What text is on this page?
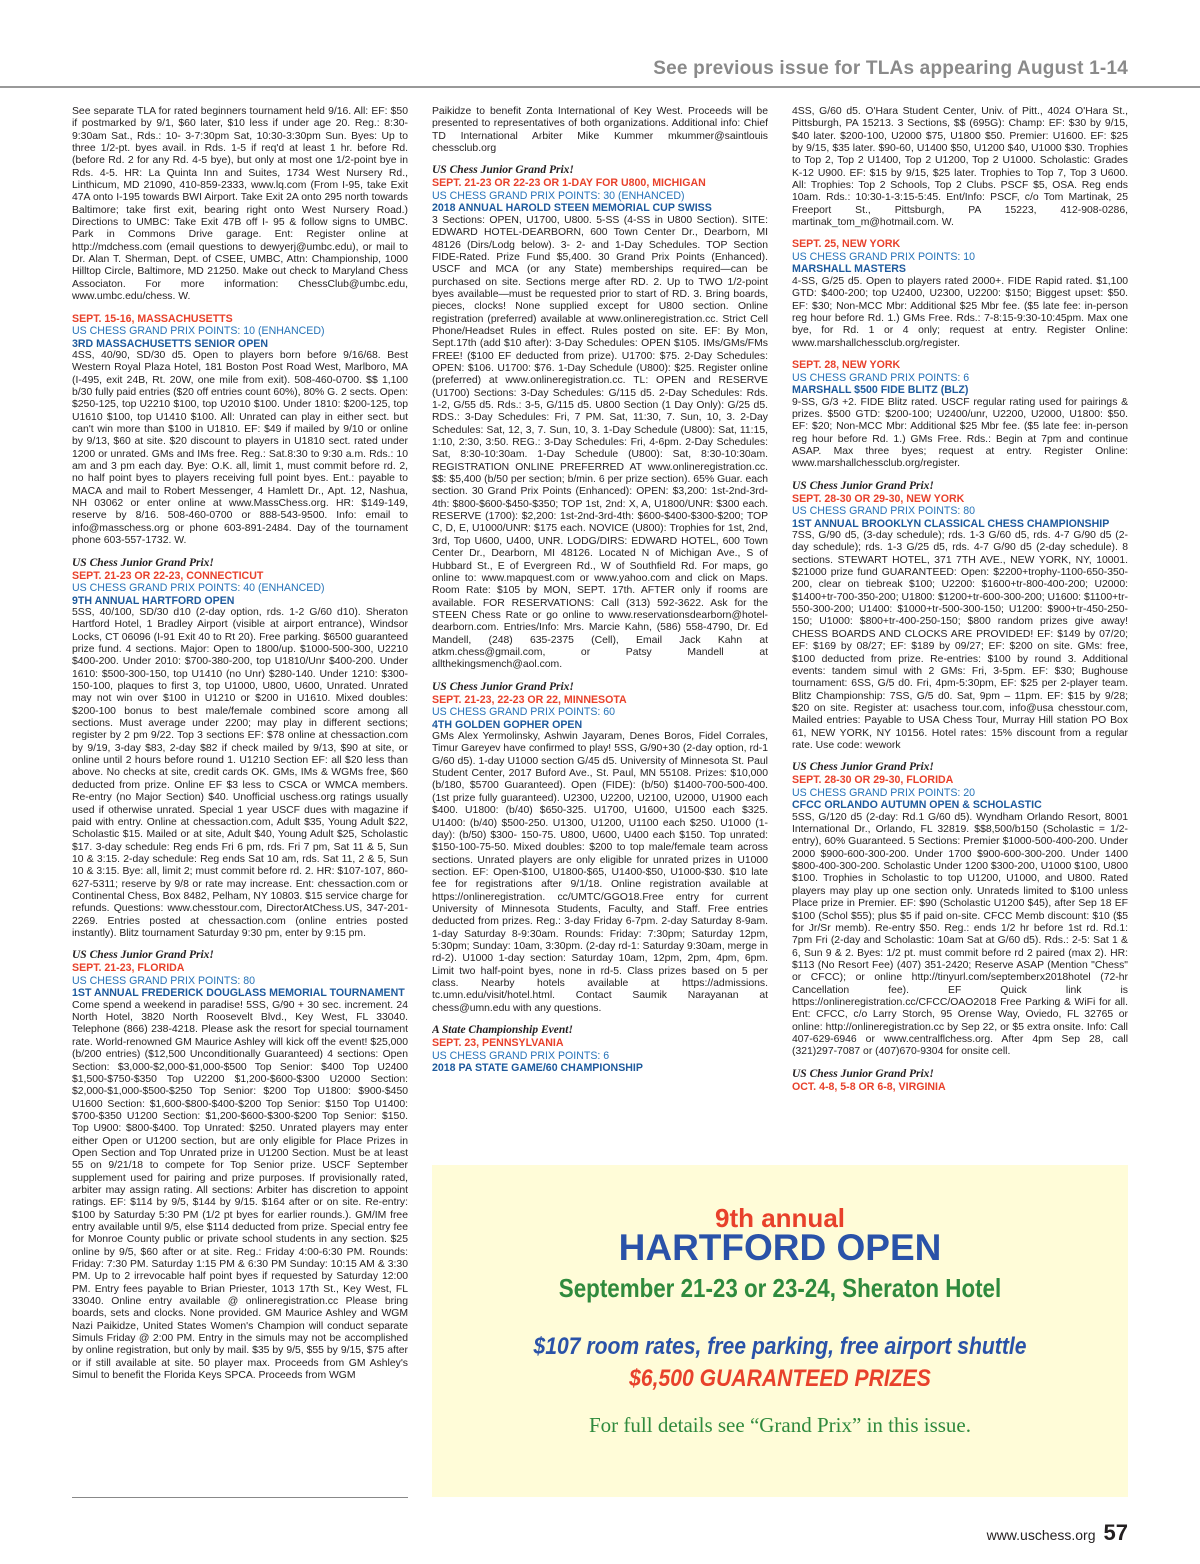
See previous issue for TLAs appearing August 1-14

See separate TLA for rated beginners tournament held 9/16. All: EF: $50 if postmarked by 9/1, $60 later, $10 less if under age 20. Reg.: 8:30-9:30am Sat., Rds.: 10- 3-7:30pm Sat, 10:30-3:30pm Sun. Byes: Up to three 1/2-pt. byes avail. in Rds. 1-5 if req'd at least 1 hr. before Rd. (before Rd. 2 for any Rd. 4-5 bye), but only at most one 1/2-point bye in Rds. 4-5. HR: La Quinta Inn and Suites, 1734 West Nursery Rd., Linthicum, MD 21090, 410-859-2333, www.lq.com (From I-95, take Exit 47A onto I-195 towards BWI Airport. Take Exit 2A onto 295 north towards Baltimore; take first exit, bearing right onto West Nursery Road.) Directions to UMBC: Take Exit 47B off I- 95 & follow signs to UMBC. Park in Commons Drive garage. Ent: Register online at http://mdchess.com (email questions to dewyerj@umbc.edu), or mail to Dr. Alan T. Sherman, Dept. of CSEE, UMBC, Attn: Championship, 1000 Hilltop Circle, Baltimore, MD 21250. Make out check to Maryland Chess Associaton. For more information: ChessClub@umbc.edu, www.umbc.edu/chess. W.

SEPT. 15-16, MASSACHUSETTS

US CHESS GRAND PRIX POINTS: 10 (ENHANCED)

3RD MASSACHUSETTS SENIOR OPEN

4SS, 40/90, SD/30 d5. Open to players born before 9/16/68. Best Western Royal Plaza Hotel, 181 Boston Post Road West, Marlboro, MA (I-495, exit 24B, Rt. 20W, one mile from exit). 508-460-0700. $$ 1,100 b/30 fully paid entries ($20 off entries count 60%), 80% G. 2 sects. Open: $250-125, top U2210 $100, top U2010 $100. Under 1810: $200-125, top U1610 $100, top U1410 $100. All: Unrated can play in either sect. but can't win more than $100 in U1810. EF: $49 if mailed by 9/10 or online by 9/13, $60 at site. $20 discount to players in U1810 sect. rated under 1200 or unrated. GMs and IMs free. Reg.: Sat.8:30 to 9:30 a.m. Rds.: 10 am and 3 pm each day. Bye: O.K. all, limit 1, must commit before rd. 2, no half point byes to players receiving full point byes. Ent.: payable to MACA and mail to Robert Messenger, 4 Hamlett Dr., Apt. 12, Nashua, NH 03062 or enter online at www.MassChess.org. HR: $149-149, reserve by 8/16. 508-460-0700 or 888-543-9500. Info: email to info@masschess.org or phone 603-891-2484. Day of the tournament phone 603-557-1732. W.

US Chess Junior Grand Prix!

SEPT. 21-23 OR 22-23, CONNECTICUT

US CHESS GRAND PRIX POINTS: 40 (ENHANCED)

9TH ANNUAL HARTFORD OPEN

5SS, 40/100, SD/30 d10 (2-day option, rds. 1-2 G/60 d10). Sheraton Hartford Hotel, 1 Bradley Airport (visible at airport entrance), Windsor Locks, CT 06096 (I-91 Exit 40 to Rt 20). Free parking. $6500 guaranteed prize fund. 4 sections. Major: Open to 1800/up. $1000-500-300, U2210 $400-200. Under 2010: $700-380-200, top U1810/Unr $400-200. Under 1610: $500-300-150, top U1410 (no Unr) $280-140. Under 1210: $300-150-100, plaques to first 3, top U1000, U800, U600, Unrated. Unrated may not win over $100 in U1210 or $200 in U1610. Mixed doubles: $200-100 bonus to best male/female combined score among all sections. Must average under 2200; may play in different sections; register by 2 pm 9/22. Top 3 sections EF: $78 online at chessaction.com by 9/19, 3-day $83, 2-day $82 if check mailed by 9/13, $90 at site, or online until 2 hours before round 1. U1210 Section EF: all $20 less than above. No checks at site, credit cards OK. GMs, IMs & WGMs free, $60 deducted from prize. Online EF $3 less to CSCA or WMCA members. Re-entry (no Major Section) $40. Unofficial uschess.org ratings usually used if otherwise unrated. Special 1 year USCF dues with magazine if paid with entry. Online at chessaction.com, Adult $35, Young Adult $22, Scholastic $15. Mailed or at site, Adult $40, Young Adult $25, Scholastic $17. 3-day schedule: Reg ends Fri 6 pm, rds. Fri 7 pm, Sat 11 & 5, Sun 10 & 3:15. 2-day schedule: Reg ends Sat 10 am, rds. Sat 11, 2 & 5, Sun 10 & 3:15. Bye: all, limit 2; must commit before rd. 2. HR: $107-107, 860-627-5311; reserve by 9/8 or rate may increase. Ent: chessaction.com or Continental Chess, Box 8482, Pelham, NY 10803. $15 service charge for refunds. Questions: www.chesstour.com, DirectorAtChess.US, 347-201-2269. Entries posted at chessaction.com (online entries posted instantly). Blitz tournament Saturday 9:30 pm, enter by 9:15 pm.

US Chess Junior Grand Prix!

SEPT. 21-23, FLORIDA

US CHESS GRAND PRIX POINTS: 80

1ST ANNUAL FREDERICK DOUGLASS MEMORIAL TOURNAMENT

Come spend a weekend in paradise! 5SS, G/90 + 30 sec. increment. 24 North Hotel, 3820 North Roosevelt Blvd., Key West, FL 33040. Telephone (866) 238-4218. Please ask the resort for special tournament rate. World-renowned GM Maurice Ashley will kick off the event! $25,000 (b/200 entries) ($12,500 Unconditionally Guaranteed) 4 sections: Open Section: $3,000-$2,000-$1,000-$500 Top Senior: $400 Top U2400 $1,500-$750-$350 Top U2200 $1,200-$600-$300 U2000 Section: $2,000-$1,000-$500-$250 Top Senior: $200 Top U1800: $900-$450 U1600 Section: $1,600-$800-$400-$200 Top Senior: $150 Top U1400: $700-$350 U1200 Section: $1,200-$600-$300-$200 Top Senior: $150. Top U900: $800-$400. Top Unrated: $250. Unrated players may enter either Open or U1200 section, but are only eligible for Place Prizes in Open Section and Top Unrated prize in U1200 Section. Must be at least 55 on 9/21/18 to compete for Top Senior prize. USCF September supplement used for pairing and prize purposes. If provisionally rated, arbiter may assign rating. All sections: Arbiter has discretion to appoint ratings. EF: $114 by 9/5, $144 by 9/15. $164 after or on site. Re-entry: $100 by Saturday 5:30 PM (1/2 pt byes for earlier rounds.). GM/IM free entry available until 9/5, else $114 deducted from prize. Special entry fee for Monroe County public or private school students in any section. $25 online by 9/5, $60 after or at site. Reg.: Friday 4:00-6:30 PM. Rounds: Friday: 7:30 PM. Saturday 1:15 PM & 6:30 PM Sunday: 10:15 AM & 3:30 PM. Up to 2 irrevocable half point byes if requested by Saturday 12:00 PM. Entry fees payable to Brian Priester, 1013 17th St., Key West, FL 33040. Online entry available @ onlineregistration.cc Please bring boards, sets and clocks. None provided. GM Maurice Ashley and WGM Nazi Paikidze, United States Women's Champion will conduct separate Simuls Friday @ 2:00 PM. Entry in the simuls may not be accomplished by online registration, but only by mail. $35 by 9/5, $55 by 9/15, $75 after or if still available at site. 50 player max. Proceeds from GM Ashley's Simul to benefit the Florida Keys SPCA. Proceeds from WGM

Paikidze to benefit Zonta International of Key West. Proceeds will be presented to representatives of both organizations. Additional info: Chief TD International Arbiter Mike Kummer mkummer@saintlouis chessclub.org

US Chess Junior Grand Prix!

SEPT. 21-23 OR 22-23 OR 1-DAY FOR U800, MICHIGAN

US CHESS GRAND PRIX POINTS: 30 (ENHANCED)

2018 ANNUAL HAROLD STEEN MEMORIAL CUP SWISS

3 Sections: OPEN, U1700, U800. 5-SS (4-SS in U800 Section). SITE: EDWARD HOTEL-DEARBORN, 600 Town Center Dr., Dearborn, MI 48126 (Dirs/Lodg below). 3- 2- and 1-Day Schedules. TOP Section FIDE-Rated. Prize Fund $5,400. 30 Grand Prix Points (Enhanced). USCF and MCA (or any State) memberships required—can be purchased on site. Sections merge after RD. 2. Up to TWO 1/2-point byes available—must be requested prior to start of RD. 3. Bring boards, pieces, clocks! None supplied except for U800 section. Online registration (preferred) available at www.onlineregistration.cc. Strict Cell Phone/Headset Rules in effect. Rules posted on site. EF: By Mon, Sept.17th (add $10 after): 3-Day Schedules: OPEN $105. IMs/GMs/FMs FREE! ($100 EF deducted from prize). U1700: $75. 2-Day Schedules: OPEN: $106. U1700: $76. 1-Day Schedule (U800): $25. Register online (preferred) at www.onlineregistration.cc. TL: OPEN and RESERVE (U1700) Sections: 3-Day Schedules: G/115 d5. 2-Day Schedules: Rds. 1-2, G/55 d5. Rds.: 3-5, G/115 d5. U800 Section (1 Day Only): G/25 d5. RDS.: 3-Day Schedules: Fri, 7 PM. Sat, 11:30, 7. Sun, 10, 3. 2-Day Schedules: Sat, 12, 3, 7. Sun, 10, 3. 1-Day Schedule (U800): Sat, 11:15, 1:10, 2:30, 3:50. REG.: 3-Day Schedules: Fri, 4-6pm. 2-Day Schedules: Sat, 8:30-10:30am. 1-Day Schedule (U800): Sat, 8:30-10:30am. REGISTRATION ONLINE PREFERRED AT www.onlineregistration.cc. $$: $5,400 (b/50 per section; b/min. 6 per prize section). 65% Guar. each section. 30 Grand Prix Points (Enhanced): OPEN: $3,200: 1st-2nd-3rd-4th: $800-$600-$450-$350; TOP 1st, 2nd: X, A, U1800/UNR: $300 each. RESERVE (1700): $2,200: 1st-2nd-3rd-4th: $600-$400-$300-$200; TOP C, D, E, U1000/UNR: $175 each. NOVICE (U800): Trophies for 1st, 2nd, 3rd, Top U600, U400, UNR. LODG/DIRS: EDWARD HOTEL, 600 Town Center Dr., Dearborn, MI 48126. Located N of Michigan Ave., S of Hubbard St., E of Evergreen Rd., W of Southfield Rd. For maps, go online to: www.mapquest.com or www.yahoo.com and click on Maps. Room Rate: $105 by MON, SEPT. 17th. AFTER only if rooms are available. FOR RESERVATIONS: Call (313) 592-3622. Ask for the STEEN Chess Rate or go online to www.reservationsdearborn@hotel-dearborn.com. Entries/Info: Mrs. Marcie Kahn, (586) 558-4790, Dr. Ed Mandell, (248) 635-2375 (Cell), Email Jack Kahn at atkm.chess@gmail.com, or Patsy Mandell at allthekingsmench@aol.com.

US Chess Junior Grand Prix!

SEPT. 21-23, 22-23 OR 22, MINNESOTA

US CHESS GRAND PRIX POINTS: 60

4TH GOLDEN GOPHER OPEN

GMs Alex Yermolinsky, Ashwin Jayaram, Denes Boros, Fidel Corrales, Timur Gareyev have confirmed to play! 5SS, G/90+30 (2-day option, rd-1 G/60 d5). 1-day U1000 section G/45 d5. University of Minnesota St. Paul Student Center, 2017 Buford Ave., St. Paul, MN 55108. Prizes: $10,000 (b/180, $5700 Guaranteed). Open (FIDE): (b/50) $1400-700-500-400. (1st prize fully guaranteed). U2300, U2200, U2100, U2000, U1900 each $400. U1800: (b/40) $650-325. U1700, U1600, U1500 each $325. U1400: (b/40) $500-250. U1300, U1200, U1100 each $250. U1000 (1-day): (b/50) $300- 150-75. U800, U600, U400 each $150. Top unrated: $150-100-75-50. Mixed doubles: $200 to top male/female team across sections. Unrated players are only eligible for unrated prizes in U1000 section. EF: Open-$100, U1800-$65, U1400-$50, U1000-$30. $10 late fee for registrations after 9/1/18. Online registration available at https://onlineregistration. cc/UMTC/GGO18.Free entry for current University of Minnesota Students, Faculty, and Staff. Free entries deducted from prizes. Reg.: 3-day Friday 6-7pm. 2-day Saturday 8-9am. 1-day Saturday 8-9:30am. Rounds: Friday: 7:30pm; Saturday 12pm, 5:30pm; Sunday: 10am, 3:30pm. (2-day rd-1: Saturday 9:30am, merge in rd-2). U1000 1-day section: Saturday 10am, 12pm, 2pm, 4pm, 6pm. Limit two half-point byes, none in rd-5. Class prizes based on 5 per class. Nearby hotels available at https://admissions. tc.umn.edu/visit/hotel.html. Contact Saumik Narayanan at chess@umn.edu with any questions.

A State Championship Event!

SEPT. 23, PENNSYLVANIA

US CHESS GRAND PRIX POINTS: 6

2018 PA STATE GAME/60 CHAMPIONSHIP

4SS, G/60 d5. O'Hara Student Center, Univ. of Pitt., 4024 O'Hara St., Pittsburgh, PA 15213. 3 Sections, $$ (695G): Champ: EF: $30 by 9/15, $40 later. $200-100, U2000 $75, U1800 $50. Premier: U1600. EF: $25 by 9/15, $35 later. $90-60, U1400 $50, U1200 $40, U1000 $30. Trophies to Top 2, Top 2 U1400, Top 2 U1200, Top 2 U1000. Scholastic: Grades K-12 U900. EF: $15 by 9/15, $25 later. Trophies to Top 7, Top 3 U600. All: Trophies: Top 2 Schools, Top 2 Clubs. PSCF $5, OSA. Reg ends 10am. Rds.: 10:30-1-3:15-5:45. Ent/Info: PSCF, c/o Tom Martinak, 25 Freeport St., Pittsburgh, PA 15223, 412-908-0286, martinak_tom_m@hotmail.com. W.

SEPT. 25, NEW YORK

US CHESS GRAND PRIX POINTS: 10

MARSHALL MASTERS

4-SS, G/25 d5. Open to players rated 2000+. FIDE Rapid rated. $1,100 GTD: $400-200; top U2400, U2300, U2200: $150; Biggest upset: $50. EF: $30; Non-MCC Mbr: Additional $25 Mbr fee. ($5 late fee: in-person reg hour before Rd. 1.) GMs Free. Rds.: 7-8:15-9:30-10:45pm. Max one bye, for Rd. 1 or 4 only; request at entry. Register Online: www.marshallchessclub.org/register.

SEPT. 28, NEW YORK

US CHESS GRAND PRIX POINTS: 6

MARSHALL $500 FIDE BLITZ (BLZ)

9-SS, G/3 +2. FIDE Blitz rated. USCF regular rating used for pairings & prizes. $500 GTD: $200-100; U2400/unr, U2200, U2000, U1800: $50. EF: $20; Non-MCC Mbr: Additional $25 Mbr fee. ($5 late fee: in-person reg hour before Rd. 1.) GMs Free. Rds.: Begin at 7pm and continue ASAP. Max three byes; request at entry. Register Online: www.marshallchessclub.org/register.

US Chess Junior Grand Prix!

SEPT. 28-30 OR 29-30, NEW YORK

US CHESS GRAND PRIX POINTS: 80

1ST ANNUAL BROOKLYN CLASSICAL CHESS CHAMPIONSHIP

7SS, G/90 d5, (3-day schedule); rds. 1-3 G/60 d5, rds. 4-7 G/90 d5 (2-day schedule); rds. 1-3 G/25 d5, rds. 4-7 G/90 d5 (2-day schedule). 8 sections. STEWART HOTEL, 371 7TH AVE., NEW YORK, NY, 10001. $21000 prize fund GUARANTEED: Open: $2200+trophy-1100-650-350-200, clear on tiebreak $100; U2200: $1600+tr-800-400-200; U2000: $1400+tr-700-350-200; U1800: $1200+tr-600-300-200; U1600: $1100+tr-550-300-200; U1400: $1000+tr-500-300-150; U1200: $900+tr-450-250-150; U1000: $800+tr-400-250-150; $800 random prizes give away! CHESS BOARDS AND CLOCKS ARE PROVIDED! EF: $149 by 07/20; EF: $169 by 08/27; EF: $189 by 09/27; EF: $200 on site. GMs: free, $100 deducted from prize. Re-entries: $100 by round 3. Additional events: tandem simul with 2 GMs: Fri, 3-5pm. EF: $30; Bughouse tournament: 6SS, G/5 d0. Fri, 4pm-5:30pm, EF: $25 per 2-player team. Blitz Championship: 7SS, G/5 d0. Sat, 9pm – 11pm. EF: $15 by 9/28; $20 on site. Register at: usachess tour.com, info@usa chesstour.com, Mailed entries: Payable to USA Chess Tour, Murray Hill station PO Box 61, NEW YORK, NY 10156. Hotel rates: 15% discount from a regular rate. Use code: wework

US Chess Junior Grand Prix!

SEPT. 28-30 OR 29-30, FLORIDA

US CHESS GRAND PRIX POINTS: 20

CFCC ORLANDO AUTUMN OPEN & SCHOLASTIC

5SS, G/120 d5 (2-day: Rd.1 G/60 d5). Wyndham Orlando Resort, 8001 International Dr., Orlando, FL 32819. $$8,500/b150 (Scholastic = 1/2-entry), 60% Guaranteed. 5 Sections: Premier $1000-500-400-200. Under 2000 $900-600-300-200. Under 1700 $900-600-300-200. Under 1400 $800-400-300-200. Scholastic Under 1200 $300-200, U1000 $100, U800 $100. Trophies in Scholastic to top U1200, U1000, and U800. Rated players may play up one section only. Unrateds limited to $100 unless Place prize in Premier. EF: $90 (Scholastic U1200 $45), after Sep 18 EF $100 (Schol $55); plus $5 if paid on-site. CFCC Memb discount: $10 ($5 for Jr/Sr memb). Re-entry $50. Reg.: ends 1/2 hr before 1st rd. Rd.1: 7pm Fri (2-day and Scholastic: 10am Sat at G/60 d5). Rds.: 2-5: Sat 1 & 6, Sun 9 & 2. Byes: 1/2 pt. must commit before rd 2 paired (max 2). HR: $113 (No Resort Fee) (407) 351-2420; Reserve ASAP (Mention "Chess" or CFCC); or online http://tinyurl.com/septemberx2018hotel (72-hr Cancellation fee). EF Quick link is https://onlineregistration.cc/CFCC/OAO2018 Free Parking & WiFi for all. Ent: CFCC, c/o Larry Storch, 95 Orense Way, Oviedo, FL 32765 or online: http://onlineregistration.cc by Sep 22, or $5 extra onsite. Info: Call 407-629-6946 or www.centralflchess.org. After 4pm Sep 28, call (321)297-7087 or (407)670-9304 for onsite cell.

US Chess Junior Grand Prix!

OCT. 4-8, 5-8 OR 6-8, VIRGINIA

9th annual
HARTFORD OPEN
September 21-23 or 23-24, Sheraton Hotel
$107 room rates, free parking, free airport shuttle
$6,500 GUARANTEED PRIZES
For full details see “Grand Prix” in this issue.
www.uschess.org 57
